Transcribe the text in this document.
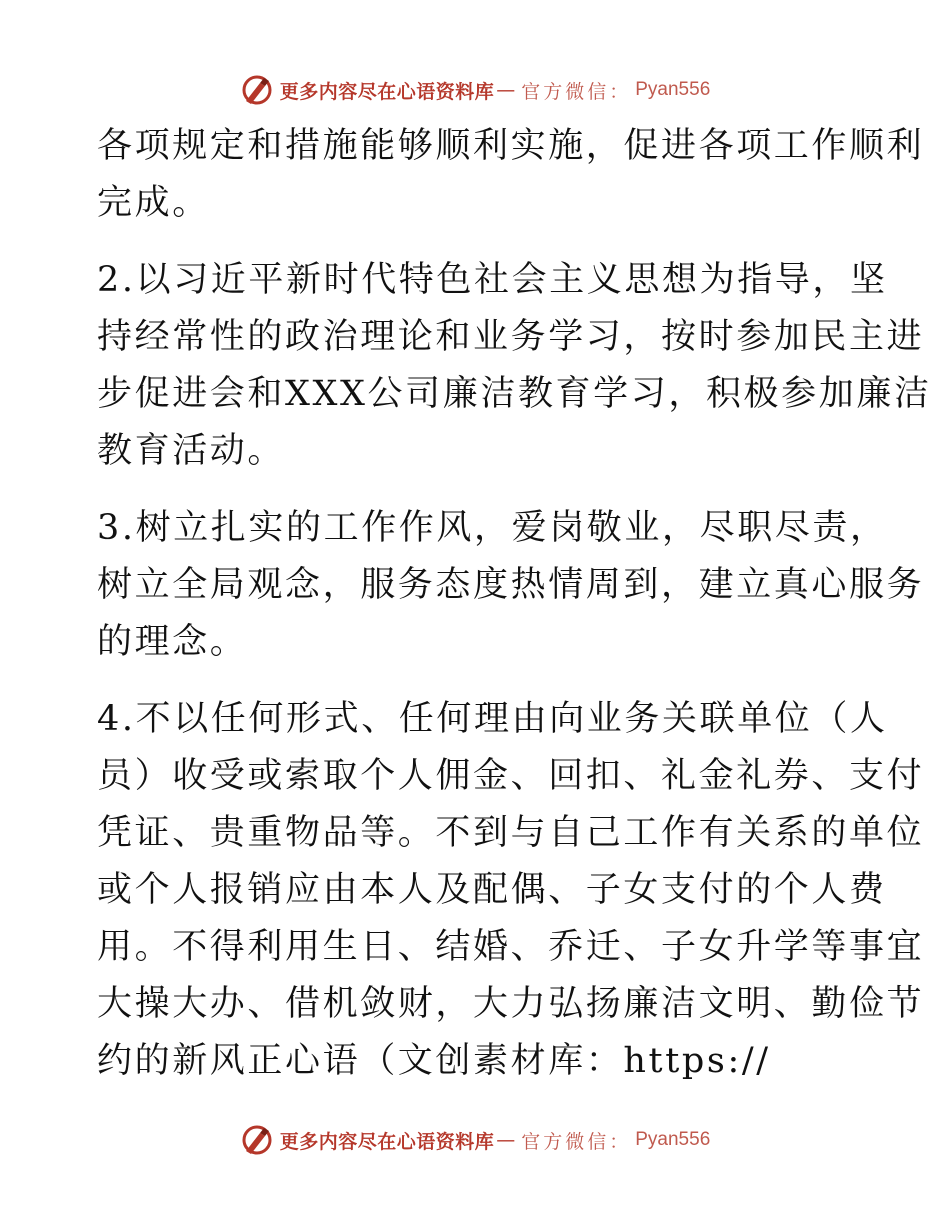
更多内容尽在心语资料库 — 官方微信： Pyan556

各项规定和措施能够顺利实施，促进各项工作顺利
完成。

2.以习近平新时代特色社会主义思想为指导，坚
持经常性的政治理论和业务学习，按时参加民主进
步促进会和XXX公司廉洁教育学习，积极参加廉洁
教育活动。

3.树立扎实的工作作风，爱岗敬业，尽职尽责，
树立全局观念，服务态度热情周到，建立真心服务
的理念。

4.不以任何形式、任何理由向业务关联单位（人
员）收受或索取个人佣金、回扣、礼金礼券、支付
凭证、贵重物品等。不到与自己工作有关系的单位
或个人报销应由本人及配偶、子女支付的个人费
用。不得利用生日、结婚、乔迁、子女升学等事宜
大操大办、借机敛财，大力弘扬廉洁文明、勤俭节
约的新风正心语（文创素材库：https://

更多内容尽在心语资料库 — 官方微信： Pyan556
